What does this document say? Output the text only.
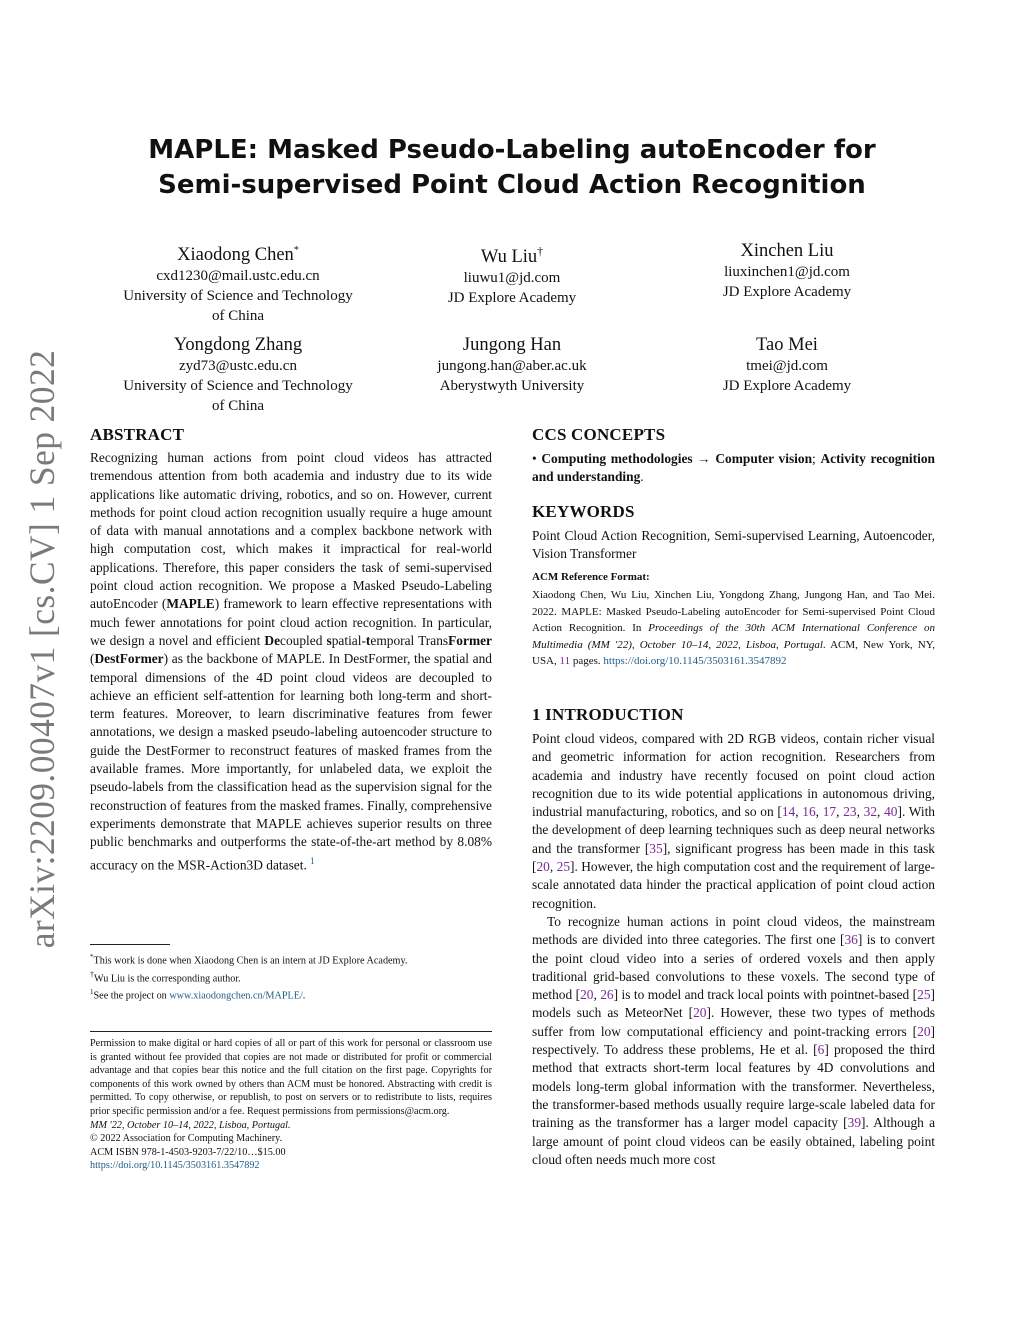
arXiv:2209.00407v1 [cs.CV] 1 Sep 2022
MAPLE: Masked Pseudo-Labeling autoEncoder for
Semi-supervised Point Cloud Action Recognition
Xiaodong Chen*
cxd1230@mail.ustc.edu.cn
University of Science and Technology
of China
Wu Liu†
liuwu1@jd.com
JD Explore Academy
Xinchen Liu
liuxinchen1@jd.com
JD Explore Academy
Yongdong Zhang
zyd73@ustc.edu.cn
University of Science and Technology
of China
Jungong Han
jungong.han@aber.ac.uk
Aberystwyth University
Tao Mei
tmei@jd.com
JD Explore Academy
ABSTRACT

Recognizing human actions from point cloud videos has attracted tremendous attention from both academia and industry due to its wide applications like automatic driving, robotics, and so on. However, current methods for point cloud action recognition usually require a huge amount of data with manual annotations and a complex backbone network with high computation cost, which makes it impractical for real-world applications. Therefore, this paper considers the task of semi-supervised point cloud action recognition. We propose a Masked Pseudo-Labeling autoEncoder (MAPLE) framework to learn effective representations with much fewer annotations for point cloud action recognition. In particular, we design a novel and efficient Decoupled spatial-temporal TransFormer (DestFormer) as the backbone of MAPLE. In DestFormer, the spatial and temporal dimensions of the 4D point cloud videos are decoupled to achieve an efficient self-attention for learning both long-term and short-term features. Moreover, to learn discriminative features from fewer annotations, we design a masked pseudo-labeling autoencoder structure to guide the DestFormer to reconstruct features of masked frames from the available frames. More importantly, for unlabeled data, we exploit the pseudo-labels from the classification head as the supervision signal for the reconstruction of features from the masked frames. Finally, comprehensive experiments demonstrate that MAPLE achieves superior results on three public benchmarks and outperforms the state-of-the-art method by 8.08% accuracy on the MSR-Action3D dataset. $^1$

*This work is done when Xiaodong Chen is an intern at JD Explore Academy.
†Wu Liu is the corresponding author.
$^1$See the project on www.xiaodongchen.cn/MAPLE/.

Permission to make digital or hard copies of all or part of this work for personal or classroom use is granted without fee provided that copies are not made or distributed for profit or commercial advantage and that copies bear this notice and the full citation on the first page. Copyrights for components of this work owned by others than ACM must be honored. Abstracting with credit is permitted. To copy otherwise, or republish, to post on servers or to redistribute to lists, requires prior specific permission and/or a fee. Request permissions from permissions@acm.org.

MM '22, October 10–14, 2022, Lisboa, Portugal.

© 2022 Association for Computing Machinery.

ACM ISBN 978-1-4503-9203-7/22/10…$15.00

https://doi.org/10.1145/3503161.3547892

CCS CONCEPTS

• Computing methodologies → Computer vision; Activity recognition and understanding.

KEYWORDS
Point Cloud Action Recognition, Semi-supervised Learning, Autoencoder, Vision Transformer
ACM Reference Format:
Xiaodong Chen, Wu Liu, Xinchen Liu, Yongdong Zhang, Jungong Han, and Tao Mei. 2022. MAPLE: Masked Pseudo-Labeling autoEncoder for Semi-supervised Point Cloud Action Recognition. In Proceedings of the 30th ACM International Conference on Multimedia (MM '22), October 10–14, 2022, Lisboa, Portugal. ACM, New York, NY, USA, 11 pages. https://doi.org/10.1145/3503161.3547892
1 INTRODUCTION

Point cloud videos, compared with 2D RGB videos, contain richer visual and geometric information for action recognition. Researchers from academia and industry have recently focused on point cloud action recognition due to its wide potential applications in autonomous driving, industrial manufacturing, robotics, and so on [14, 16, 17, 23, 32, 40]. With the development of deep learning techniques such as deep neural networks and the transformer [35], significant progress has been made in this task [20, 25]. However, the high computation cost and the requirement of large-scale annotated data hinder the practical application of point cloud action recognition.

To recognize human actions in point cloud videos, the mainstream methods are divided into three categories. The first one [36] is to convert the point cloud video into a series of ordered voxels and then apply traditional grid-based convolutions to these voxels. The second type of method [20, 26] is to model and track local points with pointnet-based [25] models such as MeteorNet [20]. However, these two types of methods suffer from low computational efficiency and point-tracking errors [20] respectively. To address these problems, He et al. [6] proposed the third method that extracts short-term local features by 4D convolutions and models long-term global information with the transformer. Nevertheless, the transformer-based methods usually require large-scale labeled data for training as the transformer has a larger model capacity [39]. Although a large amount of point cloud videos can be easily obtained, labeling point cloud often needs much more cost
